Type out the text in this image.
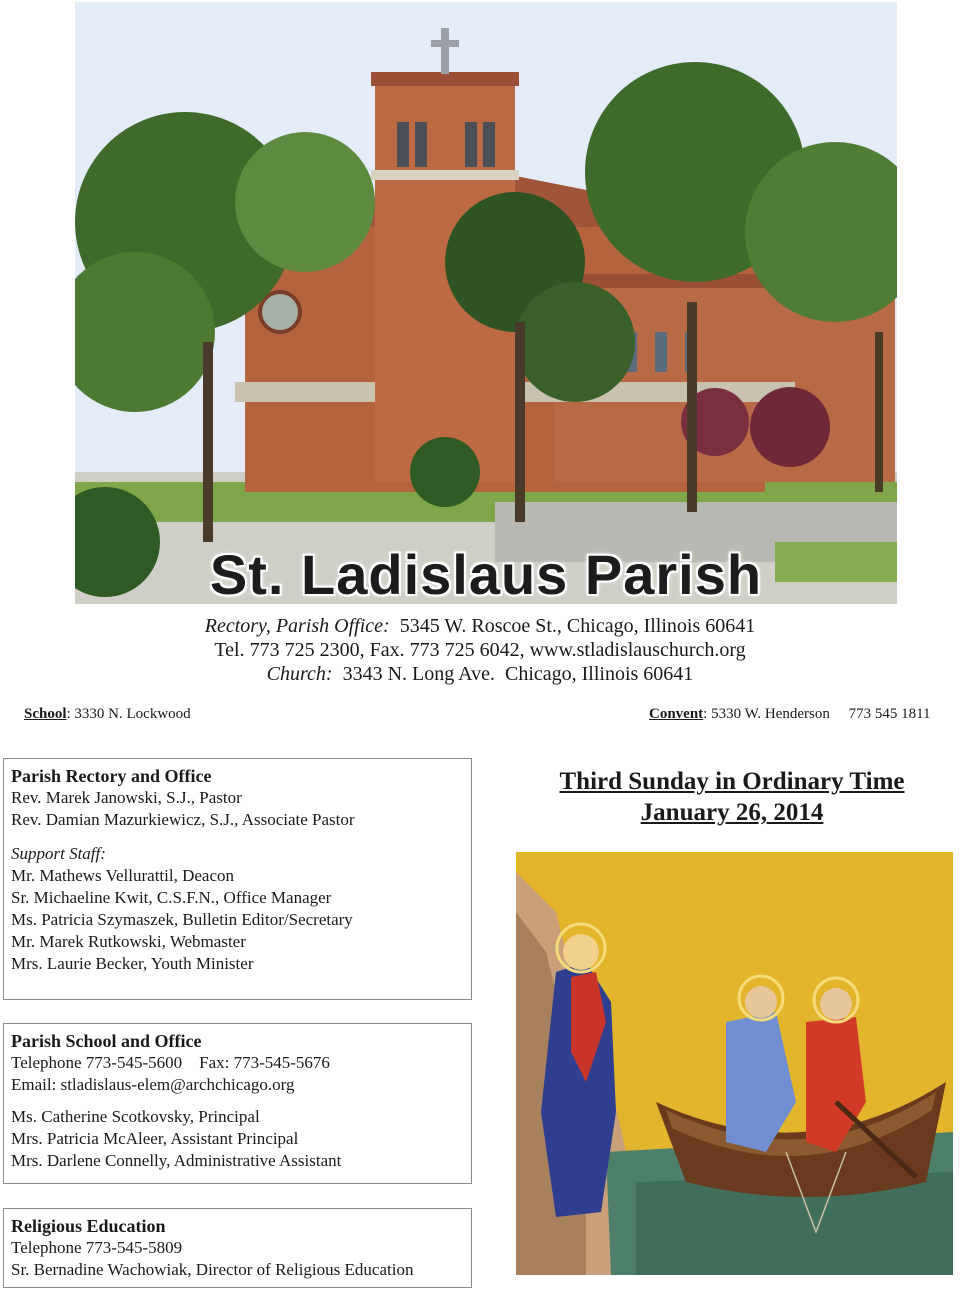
St. Ladislaus Parish
Rectory, Parish Office: 5345 W. Roscoe St., Chicago, Illinois 60641
Tel. 773 725 2300, Fax. 773 725 6042, www.stladislauschurch.org
Church: 3343 N. Long Ave.  Chicago, Illinois 60641
School: 3330 N. Lockwood	Convent: 5330 W. Henderson     773 545 1811
Parish Rectory and Office
Rev. Marek Janowski, S.J., Pastor
Rev. Damian Mazurkiewicz, S.J., Associate Pastor
Support Staff:
Mr. Mathews Vellurattil, Deacon
Sr. Michaeline Kwit, C.S.F.N., Office Manager
Ms. Patricia Szymaszek, Bulletin Editor/Secretary
Mr. Marek Rutkowski, Webmaster
Mrs. Laurie Becker, Youth Minister
Parish School and Office
Telephone 773-545-5600    Fax: 773-545-5676
Email: stladislaus-elem@archchicago.org
Ms. Catherine Scotkovsky, Principal
Mrs. Patricia McAleer, Assistant Principal
Mrs. Darlene Connelly, Administrative Assistant
Religious Education
Telephone 773-545-5809
Sr. Bernadine Wachowiak, Director of Religious Education
Third Sunday in Ordinary Time
January 26, 2014
